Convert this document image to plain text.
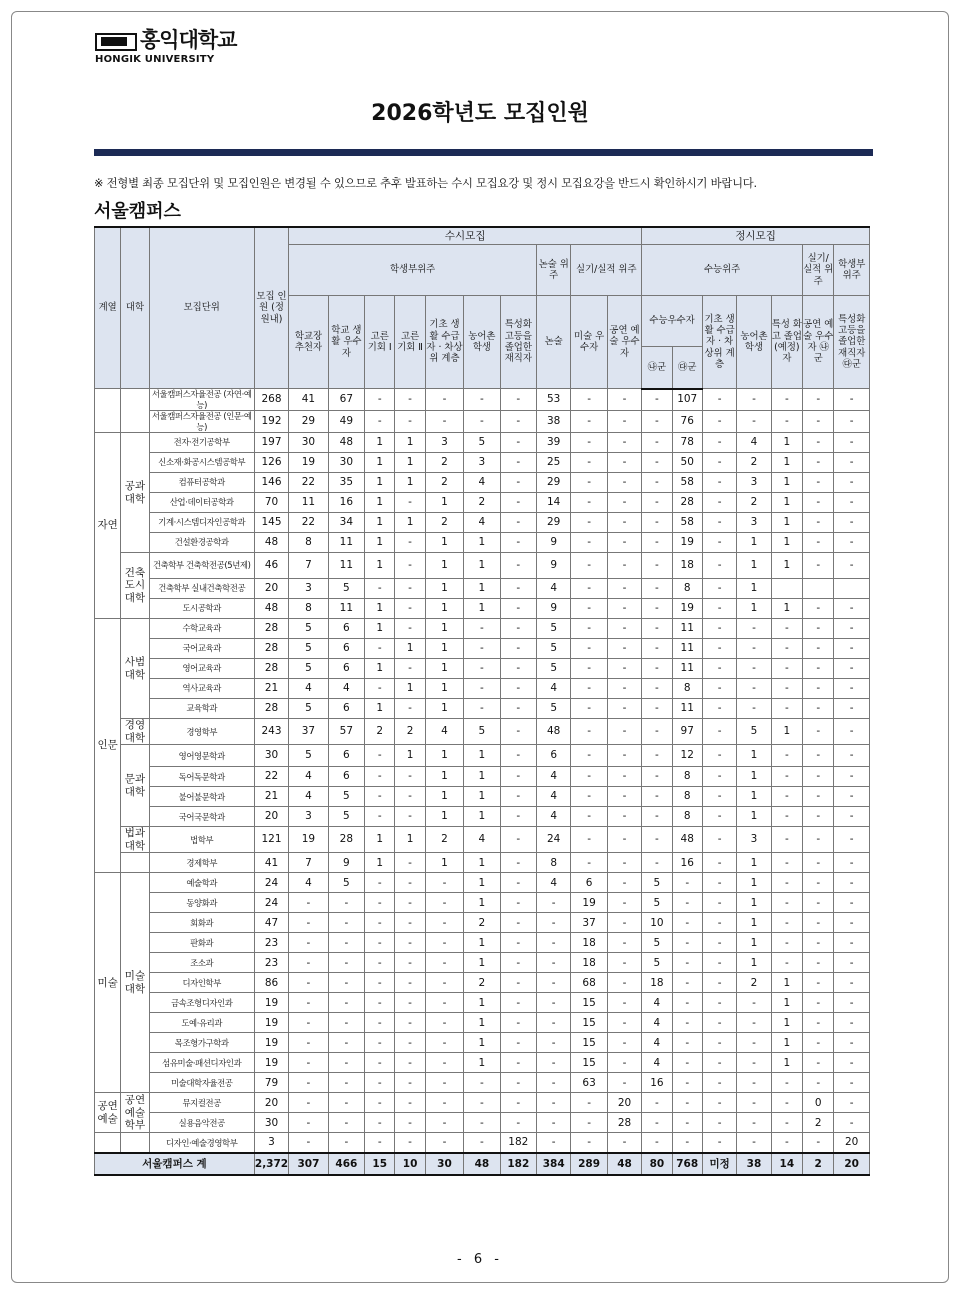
홍익대학교
HONGIK UNIVERSITY
2026학년도 모집인원
※ 전형별 최종 모집단위 및 모집인원은 변경될 수 있으므로 추후 발표하는 수시 모집요강 및 정시 모집요강을 반드시 확인하시기 바랍니다.
서울캠퍼스
계열	대학	모집단위	모집 인원 (정원내)	수시모집										정시모집						
				학생부위주							논술 위주	실기/실적 위주		수능위주					실기/ 실적 위주	학생부 위주
				학교장 추천자	학교 생활 우수 자	고른 기회 Ⅰ	고른 기회 Ⅱ	기초 생활 수급자 · 차상위 계층	농어촌 학생	특성화 고등을 졸업한 재직자	논술	미술 우수자	공연 예술 우수자	수능우수자		기초 생활 수급자 · 차상위 계층	농어촌 학생	특성 화고 졸업 (예정) 자	공연 예술 우수자 ㉯군	특성화 고등을 졸업한 재직자 ㉰군
														㉯군	㉰군					
		서울캠퍼스자율전공 (자연·예능)	268	41	67	-	-	-	-	-	53	-	-	-	107	-	-	-	-	-
		서울캠퍼스자율전공 (인문·예능)	192	29	49	-	-	-	-	-	38	-	-	-	76	-	-	-	-	-
자연	공과 대학	전자·전기공학부	197	30	48	1	1	3	5	-	39	-	-	-	78	-	4	1	-	-
		신소재·화공시스템공학부	126	19	30	1	1	2	3	-	25	-	-	-	50	-	2	1	-	-
		컴퓨터공학과	146	22	35	1	1	2	4	-	29	-	-	-	58	-	3	1	-	-
		산업·데이터공학과	70	11	16	1	-	1	2	-	14	-	-	-	28	-	2	1	-	-
		기계·시스템디자인공학과	145	22	34	1	1	2	4	-	29	-	-	-	58	-	3	1	-	-
		건설환경공학과	48	8	11	1	-	1	1	-	9	-	-	-	19	-	1	1	-	-
	건축 도시 대학	건축학부 건축학전공(5년제)	46	7	11	1	-	1	1	-	9	-	-	-	18	-	1	1	-	-
		건축학부 실내건축학전공	20	3	5	-	-	1	1	-	4	-	-	-	8	-	1			
		도시공학과	48	8	11	1	-	1	1	-	9	-	-	-	19	-	1	1	-	-
인문	사범 대학	수학교육과	28	5	6	1	-	1	-	-	5	-	-	-	11	-	-	-	-	-
		국어교육과	28	5	6	-	1	1	-	-	5	-	-	-	11	-	-	-	-	-
		영어교육과	28	5	6	1	-	1	-	-	5	-	-	-	11	-	-	-	-	-
		역사교육과	21	4	4	-	1	1	-	-	4	-	-	-	8	-	-	-	-	-
		교육학과	28	5	6	1	-	1	-	-	5	-	-	-	11	-	-	-	-	-
	경영 대학	경영학부	243	37	57	2	2	4	5	-	48	-	-	-	97	-	5	1	-	-
	문과 대학	영어영문학과	30	5	6	-	1	1	1	-	6	-	-	-	12	-	1	-	-	-
		독어독문학과	22	4	6	-	-	1	1	-	4	-	-	-	8	-	1	-	-	-
		불어불문학과	21	4	5	-	-	1	1	-	4	-	-	-	8	-	1	-	-	-
		국어국문학과	20	3	5	-	-	1	1	-	4	-	-	-	8	-	1	-	-	-
	법과 대학	법학부	121	19	28	1	1	2	4	-	24	-	-	-	48	-	3	-	-	-
		경제학부	41	7	9	1	-	1	1	-	8	-	-	-	16	-	1	-	-	-
미술	미술 대학	예술학과	24	4	5	-	-	-	1	-	4	6	-	5	-	-	1	-	-	-
		동양화과	24	-	-	-	-	-	1	-	-	19	-	5	-	-	1	-	-	-
		회화과	47	-	-	-	-	-	2	-	-	37	-	10	-	-	1	-	-	-
		판화과	23	-	-	-	-	-	1	-	-	18	-	5	-	-	1	-	-	-
		조소과	23	-	-	-	-	-	1	-	-	18	-	5	-	-	1	-	-	-
		디자인학부	86	-	-	-	-	-	2	-	-	68	-	18	-	-	2	1	-	-
		금속조형디자인과	19	-	-	-	-	-	1	-	-	15	-	4	-	-	-	1	-	-
		도예·유리과	19	-	-	-	-	-	1	-	-	15	-	4	-	-	-	1	-	-
		목조형가구학과	19	-	-	-	-	-	1	-	-	15	-	4	-	-	-	1	-	-
		섬유미술·패션디자인과	19	-	-	-	-	-	1	-	-	15	-	4	-	-	-	1	-	-
		미술대학자율전공	79	-	-	-	-	-	-	-	-	63	-	16	-	-	-	-	-	-
공연 예술	공연예술 학부	뮤지컬전공	20	-	-	-	-	-	-	-	-	-	20	-	-	-	-	-	0	-
		실용음악전공	30	-	-	-	-	-	-	-	-	-	28	-	-	-	-	-	2	-
		디자인·예술경영학부	3	-	-	-	-	-	-	182	-	-	-	-	-	-	-	-	-	20
서울캠퍼스 계			2,372	307	466	15	10	30	48	182	384	289	48	80	768	미정	38	14	2	20
- 6 -
